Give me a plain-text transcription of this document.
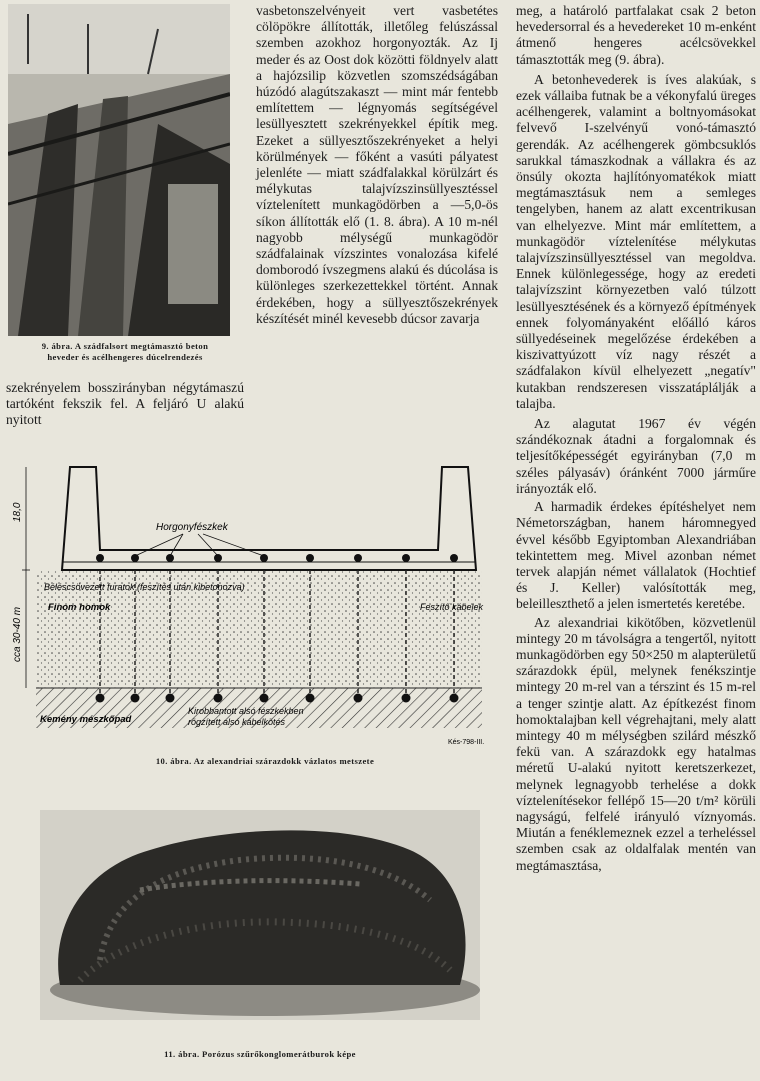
9. ábra. A szádfalsort megtámasztó beton
heveder és acélhengeres dúcelrendezés

szekrényelem bosszirányban négytámaszú tartóként fekszik fel. A feljáró U alakú nyitott

vasbetonszelvényeit vert vasbetétes cölöpökre állították, illetőleg felúszással szemben azokhoz horgonyozták. Az Ij meder és az Oost dok közötti földnyelv alatt a hajózsilip közvetlen szomszédságában húzódó alagútszakaszt — mint már fentebb említettem — légnyomás segítségével lesüllyesztett szekrényekkel építik meg. Ezeket a süllyesztőszekrényeket a helyi körülmények — főként a vasúti pályatest jelenléte — miatt szádfalakkal körülzárt és mélykutas talajvízszinsüllyesztéssel víztelenített munkagödörben a —5,0-ös síkon állították elő (1. 8. ábra). A 10 m-nél nagyobb mélységű munkagödör szádfalainak vízszintes vonalozása kifelé domborodó ívszegmens alakú és dúcolása is különleges szerkezettekkel történt. Annak érdekében, hogy a süllyesztőszekrények készítését minél kevesebb dúcsor zavarja

18,0
cca 30-40 m
Horgonyfészkek
Béléscsövezett furatok (feszítés után kibetonozva)
Finom homok	Feszítő kábelek
Kemény mészkőpad
Kirobbantott alsó fészkekben
rögzített alsó kábelkötés
Kés-798-III.
10. ábra. Az alexandriai szárazdokk vázlatos metszete
11. ábra. Porózus szűrőkonglomerátburok képe

meg, a határoló partfalakat csak 2 beton hevedersorral és a hevedereket 10 m-enként átmenő hengeres acélcsövekkel támasztották meg (9. ábra).

A betonhevederek is íves alakúak, s ezek vállaiba futnak be a vékonyfalú üreges acélhengerek, valamint a boltnyomásokat felvevő I-szelvényű vonó-támasztó gerendák. Az acélhengerek gömbcsuklós sarukkal támaszkodnak a vállakra és az önsúly okozta hajlítónyomatékok miatt megtámasztásuk nem a semleges tengelyben, hanem az alatt excentrikusan van elhelyezve. Mint már említettem, a munkagödör víztelenítése mélykutas talajvízszinsüllyesztéssel van megoldva. Ennek különlegessége, hogy az eredeti talajvízszint környezetben való túlzott lesüllyesztésének és a környező építmények ennek folyományaként előálló káros süllyedéseinek megelőzése érdekében a kiszivattyúzott víz nagy részét a szádfalakon kívül elhelyezett „negatív" kutakban rendszeresen visszatáplálják a talajba.

Az alagutat 1967 év végén szándékoznak átadni a forgalomnak és teljesítőképességét egyirányban (7,0 m széles pályasáv) óránként 7000 járműre irányozták elő.

A harmadik érdekes építéshelyet nem Németországban, hanem háromnegyed évvel később Egyiptomban Alexandriában tekintettem meg. Mivel azonban német tervek alapján német vállalatok (Hochtief és J. Keller) valósították meg, beleilleszthető a jelen ismertetés keretébe.

Az alexandriai kikötőben, közvetlenül mintegy 20 m távolságra a tengertől, nyitott munkagödörben egy 50×250 m alapterületű szárazdokk épül, melynek fenékszintje mintegy 20 m-rel van a térszint és 15 m-rel a tenger szintje alatt. Az építkezést finom homoktalajban kell végrehajtani, mely alatt mintegy 40 m mélységben szilárd mészkő fekü van. A szárazdokk egy hatalmas méretű U-alakú nyitott keretszerkezet, melynek legnagyobb terhelése a dokk víztelenítésekor fellépő 15—20 t/m² körüli nagyságú, felfelé irányuló víznyomás. Miután a fenéklemeznek ezzel a terheléssel szemben csak az oldalfalak mentén van megtámasztása,
